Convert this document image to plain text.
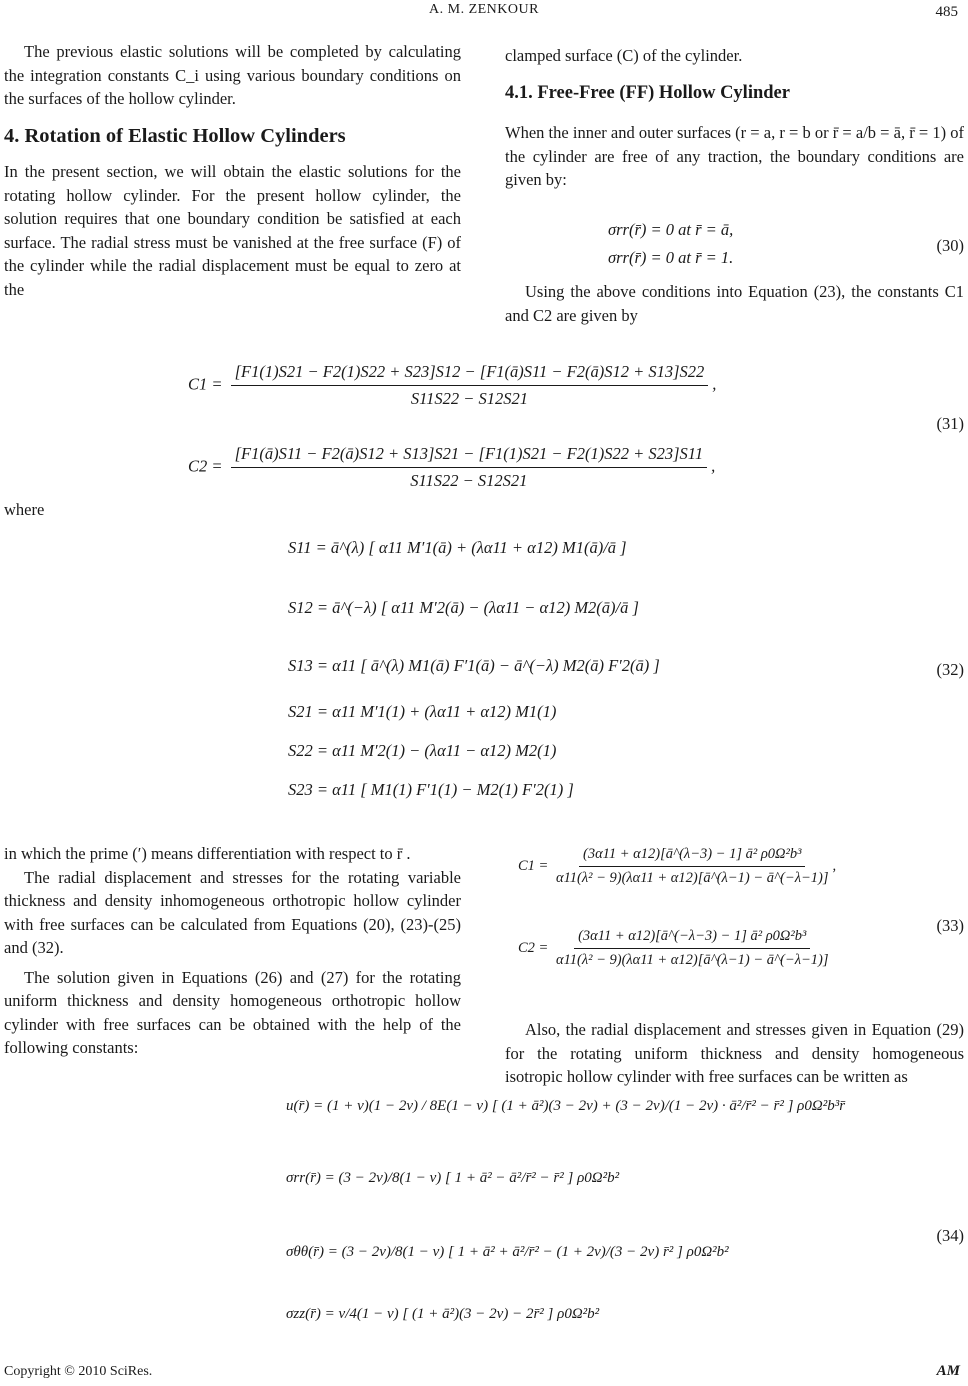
A. M. ZENKOUR	485

The previous elastic solutions will be completed by calculating the integration constants C_i using various boundary conditions on the surfaces of the hollow cylinder.

4. Rotation of Elastic Hollow Cylinders

In the present section, we will obtain the elastic solutions for the rotating hollow cylinder. For the present hollow cylinder, the solution requires that one boundary condition be satisfied at each surface. The radial stress must be vanished at the free surface (F) of the cylinder while the radial displacement must be equal to zero at the

clamped surface (C) of the cylinder.

4.1. Free-Free (FF) Hollow Cylinder

When the inner and outer surfaces (r = a, r = b or r̄ = a/b = ā, r̄ = 1) of the cylinder are free of any traction, the boundary conditions are given by:

σrr(r̄) = 0 at r̄ = ā,
σrr(r̄) = 0 at r̄ = 1.
(30)
Using the above conditions into Equation (23), the constants C1 and C2 are given by
C1 =
[F1(1)S21 − F2(1)S22 + S23]S12 − [F1(ā)S11 − F2(ā)S12 + S13]S22
S11S22 − S12S21
,
C2 =
[F1(ā)S11 − F2(ā)S12 + S13]S21 − [F1(1)S21 − F2(1)S22 + S23]S11
S11S22 − S12S21
,
(31)
where
S11 = ā^(λ) [ α11 M′1(ā) + (λα11 + α12) M1(ā)/ā ]
S12 = ā^(−λ) [ α11 M′2(ā) − (λα11 − α12) M2(ā)/ā ]
S13 = α11 [ ā^(λ) M1(ā) F′1(ā) − ā^(−λ) M2(ā) F′2(ā) ]
S21 = α11 M′1(1) + (λα11 + α12) M1(1)
S22 = α11 M′2(1) − (λα11 − α12) M2(1)
S23 = α11 [ M1(1) F′1(1) − M2(1) F′2(1) ]
(32)

in which the prime (′) means differentiation with respect to r̄ .

The radial displacement and stresses for the rotating variable thickness and density inhomogeneous orthotropic hollow cylinder with free surfaces can be calculated from Equations (20), (23)-(25) and (32).

The solution given in Equations (26) and (27) for the rotating uniform thickness and density homogeneous orthotropic hollow cylinder with free surfaces can be obtained with the help of the following constants:

$C1 = \frac{\text{(3α11 + α12)[ā\textasciicircum{}(λ−3) − 1] ā² ρ0Ω²b³}}{\text{α11(λ² − 9)(λα11 + α12)[ā\textasciicircum{}(λ−1) − ā\textasciicircum{}(−λ−1)]}}$ ,
$C2 = \frac{\text{(3α11 + α12)[ā\textasciicircum{}(−λ−3) − 1] ā² ρ0Ω²b³}}{\text{α11(λ² − 9)(λα11 + α12)[ā\textasciicircum{}(λ−1) − ā\textasciicircum{}(−λ−1)]}}$
(33)
Also, the radial displacement and stresses given in Equation (29) for the rotating uniform thickness and density homogeneous isotropic hollow cylinder with free surfaces can be written as
u(r̄) = (1 + ν)(1 − 2ν) / 8E(1 − ν) [ (1 + ā²)(3 − 2ν) + (3 − 2ν)/(1 − 2ν) · ā²/r̄² − r̄² ] ρ0Ω²b³r̄
σrr(r̄) = (3 − 2ν)/8(1 − ν) [ 1 + ā² − ā²/r̄² − r̄² ] ρ0Ω²b²
σθθ(r̄) = (3 − 2ν)/8(1 − ν) [ 1 + ā² + ā²/r̄² − (1 + 2ν)/(3 − 2ν) r̄² ] ρ0Ω²b²
σzz(r̄) = ν/4(1 − ν) [ (1 + ā²)(3 − 2ν) − 2r̄² ] ρ0Ω²b²
(34)
Copyright © 2010 SciRes.	AM
